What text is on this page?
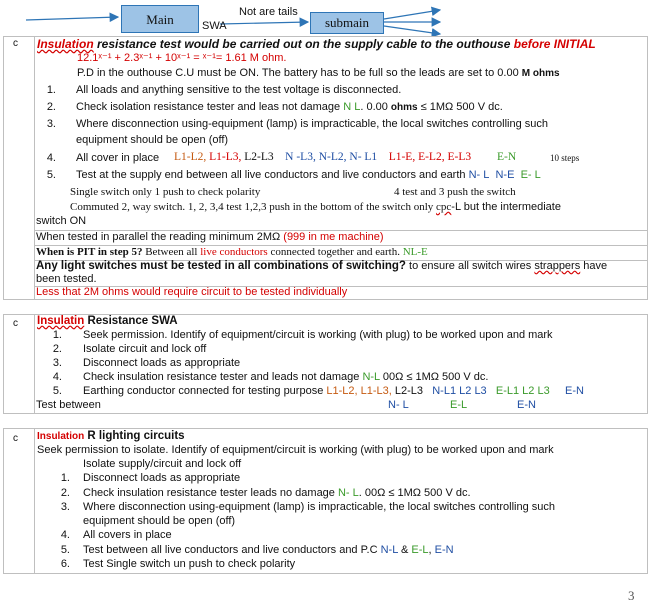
Main	SWA
Not are tails
submain
c Insulation resistance test would be carried out on the supply cable to the outhouse before INITIAL
12.1ˣ⁻¹ + 2.3ˣ⁻¹ + 10ˣ⁻¹ = ˣ⁻¹= 1.61 M ohm.
P.D in the outhouse C.U must be ON. The battery has to be full so the leads are set to 0.00 M ohms
1. All loads and anything sensitive to the test voltage is disconnected.
2. Check isolation resistance tester and leas not damage N L. 0.00 ohms ≤ 1MΩ 500 V dc.
3. Where disconnection using-equipment (lamp) is impracticable, the local switches controlling such
equipment should be open (off)
4. All cover in place L1-L2, L1-L3, L2-L3 N -L3, N-L2, N- L1 L1-E, E-L2, E-L3 E-N	10 steps
5. Test at the supply end between all live conductors and live conductors and earth N- L N-E E- L
Single switch only 1 push to check polarity	4 test and 3 push the switch
Commuted 2, way switch. 1, 2, 3,4 test 1,2,3 push in the bottom of the switch only cpc-L but the intermediate
switch ON
When tested in parallel the reading minimum 2MΩ (999 in me machine)
When is PIT in step 5? Between all live conductors connected together and earth. NL-E
Any light switches must be tested in all combinations of switching? to ensure all switch wires strappers have
been tested.
Less that 2M ohms would require circuit to be tested individually
c Insulatin Resistance SWA
1. Seek permission. Identify of equipment/circuit is working (with plug) to be worked upon and mark
2. Isolate circuit and lock off
3. Disconnect loads as appropriate
4. Check insulation resistance tester and leads not damage N-L 00Ω ≤ 1MΩ 500 V dc.
5. Earthing conductor connected for testing purpose L1-L2, L1-L3, L2-L3 N-L1 L2 L3 E-L1 L2 L3 E-N
Test between	N- L	E-L	E-N
c Insulation R lighting circuits
Seek permission to isolate. Identify of equipment/circuit is working (with plug) to be worked upon and mark
Isolate supply/circuit and lock off
1. Disconnect loads as appropriate
2. Check insulation resistance tester leads no damage N- L. 00Ω ≤ 1MΩ 500 V dc.
3. Where disconnection using-equipment (lamp) is impracticable, the local switches controlling such
equipment should be open (off)
4. All covers in place
5. Test between all live conductors and live conductors and P.C N-L & E-L, E-N
6. Test Single switch un push to check polarity
3
